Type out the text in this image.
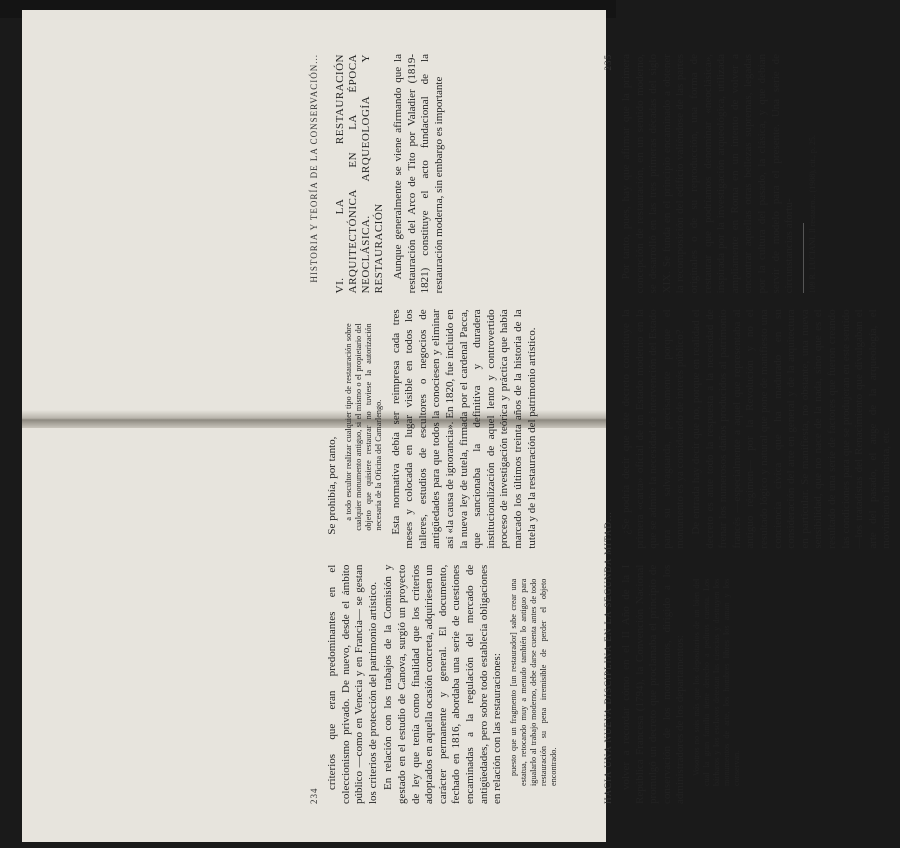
HACIA UNA NUEVA DISCIPLINA EN LA SEGUNDA MITAD...
235

volver a recordar cómo en el II Año de la I República Francesa (1794), la Convención Nacional promulgó un decreto que proclamaba el principio de conservación de los monumentos, dirigido a los administradores de los departamentos: Vosotros no sois más que los depositarios de un bien del cual la gran familia tiene derecho a pediros cuenta. Los bárbaros y los esclavos detestan las ciencias y destruyen los monumentos de arte, los hombres libres los aman y los conservan.

¿Se podría decir que este decreto constituye la primera «carta» oficial de un Estado moderno en la que se admite la necesidad de intervención del Estado para su salvaguarda, precisamente porque el monumento es ya considerado de interés público? De entrada hay decir que no, porque en realidad el decreto es ante todo la respuesta a la necesidad de frenar los numerosos daños producidos al patrimonio francés —especialmente a aquel que representaba al antiguo régimen— por la Revolución y no el resultado lógico y natural que pone de manifiesto una conciencia cívica que ha madurado en su consideración del arte en general y de la arquitectura en particular. Se manifiesta, no obstante, una nueva sensibilidad, que no nace de la nada, sino que es el resultado de una serie de factores que fueron creando las condiciones para que se produjeran en este sentido —los tratadistas del Renacimiento que divulgaban el arte del pasado, el auge de la arqueología, el movimiento iluminista, etc.

Por tanto, pues, hay que afirmar que la primera concepción de restauración, en un sentido moderno, se desarrolló en las tres primeras décadas del siglo XIX. Se funda en el principio encaminado a obtener la recomposición del edificio valiéndose de las partes originales o de su reproducción, una forma de restaurar que podríamos denominar «neoclásica», inspirada por la investigación arqueológica, utilizada ampliamente en Roma en un intento de volver a encontrar aquellas otras bellezas supremas, legadas por la cultura del pasado, la clásica, y que debían servir de modelo para el presente. Una serie de circunstancias afortu-	109 R. LUCIANI, Il restauro... (1988), cit., p. 25.
234
HISTORIA Y TEORÍA DE LA CONSERVACIÓN...

criterios que eran predominantes en el coleccionismo privado. De nuevo, desde el ámbito público —como en Venecia y en Francia— se gestan los criterios de protección del patrimonio artístico. En relación con los trabajos de la Comisión y gestado en el estudio de Canova, surgió un proyecto de ley que tenía como finalidad que los criterios adoptados en aquella ocasión concreta, adquiriesen un carácter permanente y general. El documento, fechado en 1816, abordaba una serie de cuestiones encaminadas a la regulación del mercado de antigüedades, pero sobre todo establecía obligaciones en relación con las restauraciones: puesto que un fragmento [un restaurador] sabe crear una estatua, retocando muy a menudo también lo antiguo para igualarlo al trabajo moderno, debe darse cuenta antes de todo restauración su pena irremisible de perder el objeto encontrado.

Se prohibía, por tanto, a todo escultor realizar cualquier tipo de restauración sobre cualquier monumento antiguo, si el mismo o el propietario del objeto que quisiere restaurar no tuviese la autorización necesaria de la Oficina del Camarlengo. Esta normativa debía ser reimpresa cada tres meses y colocada en lugar visible en todos los talleres, estudios de escultores o negocios de antigüedades para que todos la conociesen y eliminar así «la causa de ignorancia». En 1820, fue incluido en la nueva ley de tutela, firmada por el cardenal Pacca, que sancionaba la definitiva y duradera institucionalización de aquel lento y controvertido proceso de investigación teórica y práctica que había marcado los últimos treinta años de la historia de la tutela y de la restauración del patrimonio artístico.

VI. LA RESTAURACIÓN ARQUITECTÓNICA EN LA ÉPOCA NEOCLÁSICA. ARQUEOLOGÍA Y RESTAURACIÓN Aunque generalmente se viene afirmando que la restauración del Arco de Tito por Valadier (1819-1821) constituye el acto fundacional de la restauración moderna, sin embargo es importante
